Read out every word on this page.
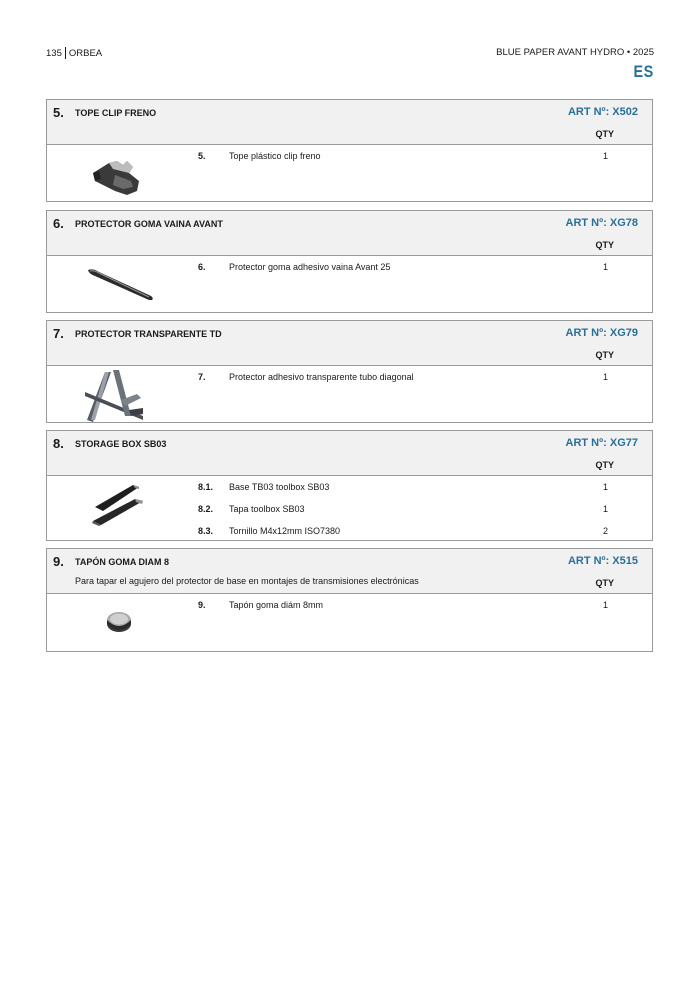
135 ORBEA	BLUE PAPER AVANT HYDRO • 2025
ES
5. TOPE CLIP FRENO	ART Nº: X502
QTY
5.	Tope plástico clip freno	1
6. PROTECTOR GOMA VAINA AVANT	ART Nº: XG78
QTY
6.	Protector goma adhesivo vaina Avant 25	1
7. PROTECTOR TRANSPARENTE TD	ART Nº: XG79
QTY
7.	Protector adhesivo transparente tubo diagonal	1
8. STORAGE BOX SB03	ART Nº: XG77
QTY
8.1. Base TB03 toolbox SB03	1
8.2. Tapa toolbox SB03	1
8.3. Tornillo M4x12mm ISO7380	2
9. TAPÓN GOMA DIAM 8
Para tapar el agujero del protector de base en montajes de transmisiones electrónicas
ART Nº: X515
QTY
9.	Tapón goma diám 8mm	1
